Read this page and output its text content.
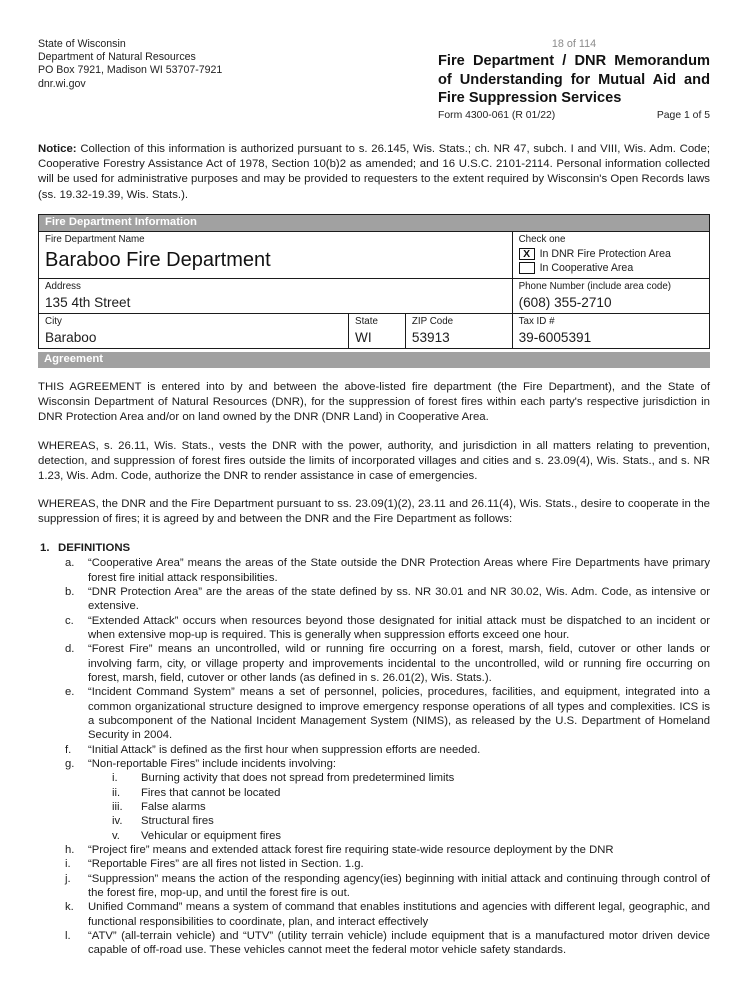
State of Wisconsin
Department of Natural Resources
PO Box 7921, Madison WI 53707-7921
dnr.wi.gov
18 of 114
Fire Department / DNR Memorandum of Understanding for Mutual Aid and Fire Suppression Services
Form 4300-061 (R 01/22)	Page 1 of 5
Notice: Collection of this information is authorized pursuant to s. 26.145, Wis. Stats.; ch. NR 47, subch. I and VIII, Wis. Adm. Code; Cooperative Forestry Assistance Act of 1978, Section 10(b)2 as amended; and 16 U.S.C. 2101-2114. Personal information collected will be used for administrative purposes and may be provided to requesters to the extent required by Wisconsin's Open Records laws (ss. 19.32-19.39, Wis. Stats.).
Fire Department Information
Fire Department Name
Baraboo Fire Department
Check one
X In DNR Fire Protection Area
In Cooperative Area
Address
135 4th Street
Phone Number (include area code)
(608) 355-2710
City
Baraboo
State
WI
ZIP Code
53913
Tax ID #
39-6005391
Agreement

THIS AGREEMENT is entered into by and between the above-listed fire department (the Fire Department), and the State of Wisconsin Department of Natural Resources (DNR), for the suppression of forest fires within each party's respective jurisdiction in DNR Protection Area and/or on land owned by the DNR (DNR Land) in Cooperative Area.

WHEREAS, s. 26.11, Wis. Stats., vests the DNR with the power, authority, and jurisdiction in all matters relating to prevention, detection, and suppression of forest fires outside the limits of incorporated villages and cities and s. 23.09(4), Wis. Stats., and s. NR 1.23, Wis. Adm. Code, authorize the DNR to render assistance in case of emergencies.

WHEREAS, the DNR and the Fire Department pursuant to ss. 23.09(1)(2), 23.11 and 26.11(4), Wis. Stats., desire to cooperate in the suppression of fires; it is agreed by and between the DNR and the Fire Department as follows:

1. DEFINITIONS
a.	“Cooperative Area” means the areas of the State outside the DNR Protection Areas where Fire Departments have primary forest fire initial attack responsibilities.
b.	“DNR Protection Area” are the areas of the state defined by ss. NR 30.01 and NR 30.02, Wis. Adm. Code, as intensive or extensive.
c.	“Extended Attack” occurs when resources beyond those designated for initial attack must be dispatched to an incident or when extensive mop-up is required. This is generally when suppression efforts exceed one hour.
d.	“Forest Fire” means an uncontrolled, wild or running fire occurring on a forest, marsh, field, cutover or other lands or involving farm, city, or village property and improvements incidental to the uncontrolled, wild or running fire occurring on forest, marsh, field, cutover or other lands (as defined in s. 26.01(2), Wis. Stats.).
e.	“Incident Command System” means a set of personnel, policies, procedures, facilities, and equipment, integrated into a common organizational structure designed to improve emergency response operations of all types and complexities. ICS is a subcomponent of the National Incident Management System (NIMS), as released by the U.S. Department of Homeland Security in 2004.
f.	“Initial Attack” is defined as the first hour when suppression efforts are needed.
g.	“Non-reportable Fires” include incidents involving:
i.	Burning activity that does not spread from predetermined limits
ii.	Fires that cannot be located
iii.	False alarms
iv.	Structural fires
v.	Vehicular or equipment fires
h.	“Project fire” means and extended attack forest fire requiring state-wide resource deployment by the DNR
i.	“Reportable Fires” are all fires not listed in Section. 1.g.
j.	“Suppression” means the action of the responding agency(ies) beginning with initial attack and continuing through control of the forest fire, mop-up, and until the forest fire is out.
k.	Unified Command” means a system of command that enables institutions and agencies with different legal, geographic, and functional responsibilities to coordinate, plan, and interact effectively
l.	“ATV” (all-terrain vehicle) and “UTV” (utility terrain vehicle) include equipment that is a manufactured motor driven device capable of off-road use. These vehicles cannot meet the federal motor vehicle safety standards.
